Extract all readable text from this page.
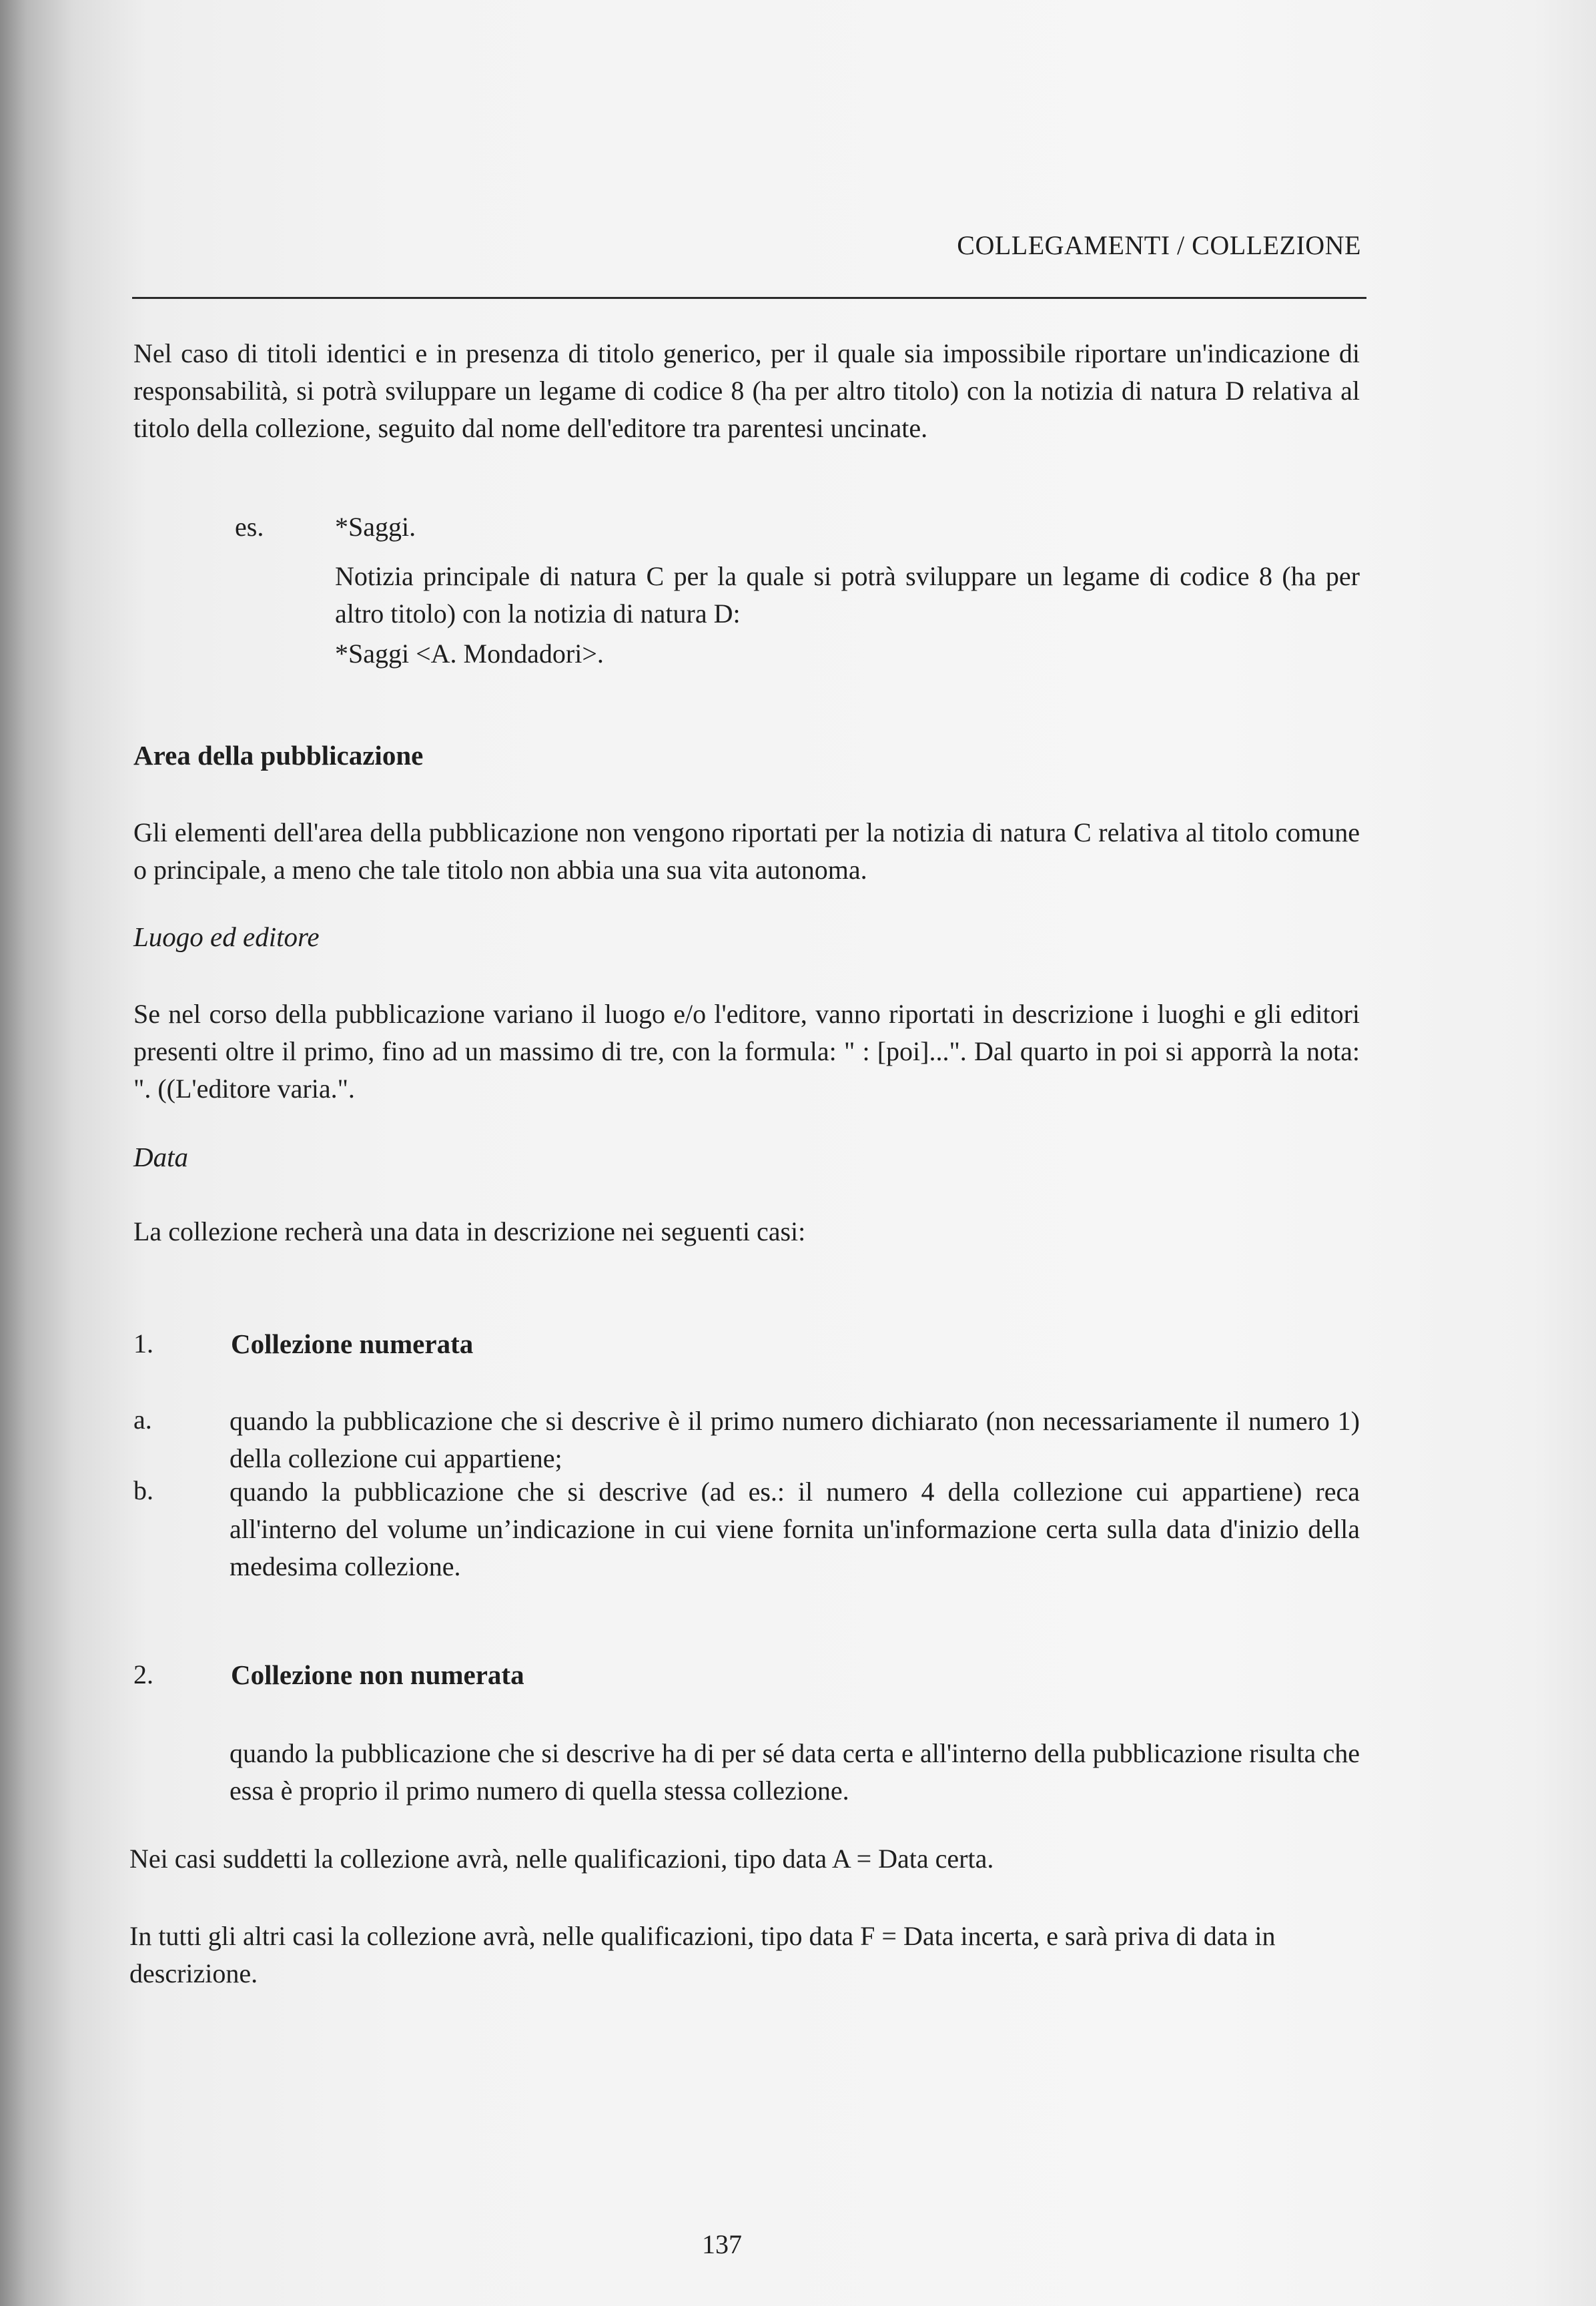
COLLEGAMENTI / COLLEZIONE

Nel caso di titoli identici e in presenza di titolo generico, per il quale sia impossibile riportare un'indicazione di responsabilità, si potrà sviluppare un legame di codice 8 (ha per altro titolo) con la notizia di natura D relativa al titolo della collezione, seguito dal nome dell'editore tra parentesi uncinate.

es.	*Saggi.

Notizia principale di natura C per la quale si potrà sviluppare un legame di codice 8 (ha per altro titolo) con la notizia di natura D:

*Saggi <A. Mondadori>.
Area della pubblicazione

Gli elementi dell'area della pubblicazione non vengono riportati per la notizia di natura C relativa al titolo comune o principale, a meno che tale titolo non abbia una sua vita autonoma.

Luogo ed editore

Se nel corso della pubblicazione variano il luogo e/o l'editore, vanno riportati in descrizione i luoghi e gli editori presenti oltre il primo, fino ad un massimo di tre, con la formula: " : [poi]...". Dal quarto in poi si apporrà la nota: ". ((L'editore varia.".

Data
La collezione recherà una data in descrizione nei seguenti casi:
1.	Collezione numerata
a.	quando la pubblicazione che si descrive è il primo numero dichiarato (non necessariamente il numero 1) della collezione cui appartiene;

b.	quando la pubblicazione che si descrive (ad es.: il numero 4 della collezione cui appartiene) reca all'interno del volume un’indicazione in cui viene fornita un'informazione certa sulla data d'inizio della medesima collezione.

2.	Collezione non numerata

quando la pubblicazione che si descrive ha di per sé data certa e all'interno della pubblicazione risulta che essa è proprio il primo numero di quella stessa collezione.

Nei casi suddetti la collezione avrà, nelle qualificazioni, tipo data A = Data certa.

In tutti gli altri casi la collezione avrà, nelle qualificazioni, tipo data F = Data incerta, e sarà priva di data in descrizione.

137
